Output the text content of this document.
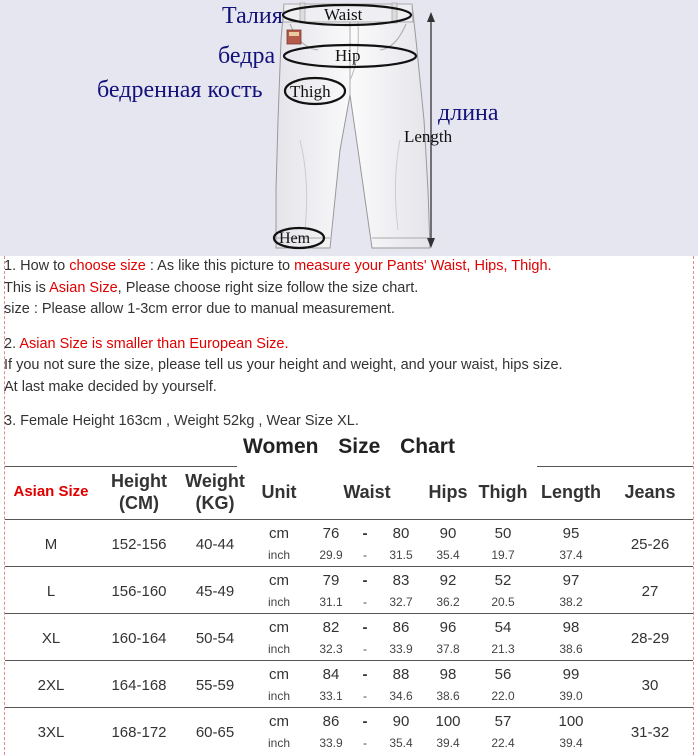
Талия
бедра
бедренная кость
длина
Waist
Hip
Thigh
Length
Hem
1. How to choose size : As like this picture to measure your Pants' Waist, Hips, Thigh.
This is Asian Size, Please choose right size follow the size chart.
size : Please allow 1-3cm error due to manual measurement.
2. Asian Size is smaller than European Size.
If you not sure the size, please tell us your height and weight, and your waist, hips size.
At last make decided by yourself.
3. Female Height 163cm , Weight 52kg , Wear Size XL.
Women Size Chart
Asian Size	Height (CM)	Weight (KG)	Unit	Waist			Hips	Thigh	Length	Jeans
M	152-156	40-44	cm	76	-	80	90	50	95	25-26
			inch	29.9	-	31.5	35.4	19.7	37.4	
L	156-160	45-49	cm	79	-	83	92	52	97	27
			inch	31.1	-	32.7	36.2	20.5	38.2	
XL	160-164	50-54	cm	82	-	86	96	54	98	28-29
			inch	32.3	-	33.9	37.8	21.3	38.6	
2XL	164-168	55-59	cm	84	-	88	98	56	99	30
			inch	33.1	-	34.6	38.6	22.0	39.0	
3XL	168-172	60-65	cm	86	-	90	100	57	100	31-32
			inch	33.9	-	35.4	39.4	22.4	39.4	
